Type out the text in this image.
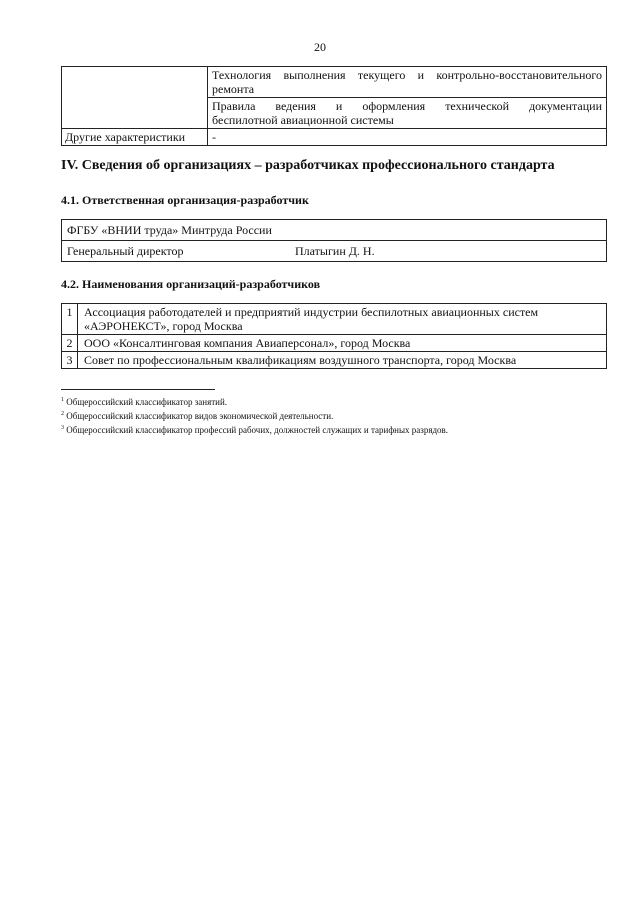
20
	Технология выполнения текущего и контрольно-восстановительного ремонта

	Правила ведения и оформления технической документации
беспилотной авиационной системы

Другие характеристики	-
IV. Сведения об организациях – разработчиках профессионального стандарта
4.1. Ответственная организация-разработчик
ФГБУ «ВНИИ труда» Минтруда России
Генеральный директор	Платыгин Д. Н.
4.2. Наименования организаций-разработчиков
1	Ассоциация работодателей и предприятий индустрии беспилотных авиационных систем «АЭРОНЕКСТ», город Москва
2	ООО «Консалтинговая компания Авиаперсонал», город Москва
3	Совет по профессиональным квалификациям воздушного транспорта, город Москва
$^1$ Общероссийский классификатор занятий.
$^2$ Общероссийский классификатор видов экономической деятельности.
$^3$ Общероссийский классификатор профессий рабочих, должностей служащих и тарифных разрядов.
